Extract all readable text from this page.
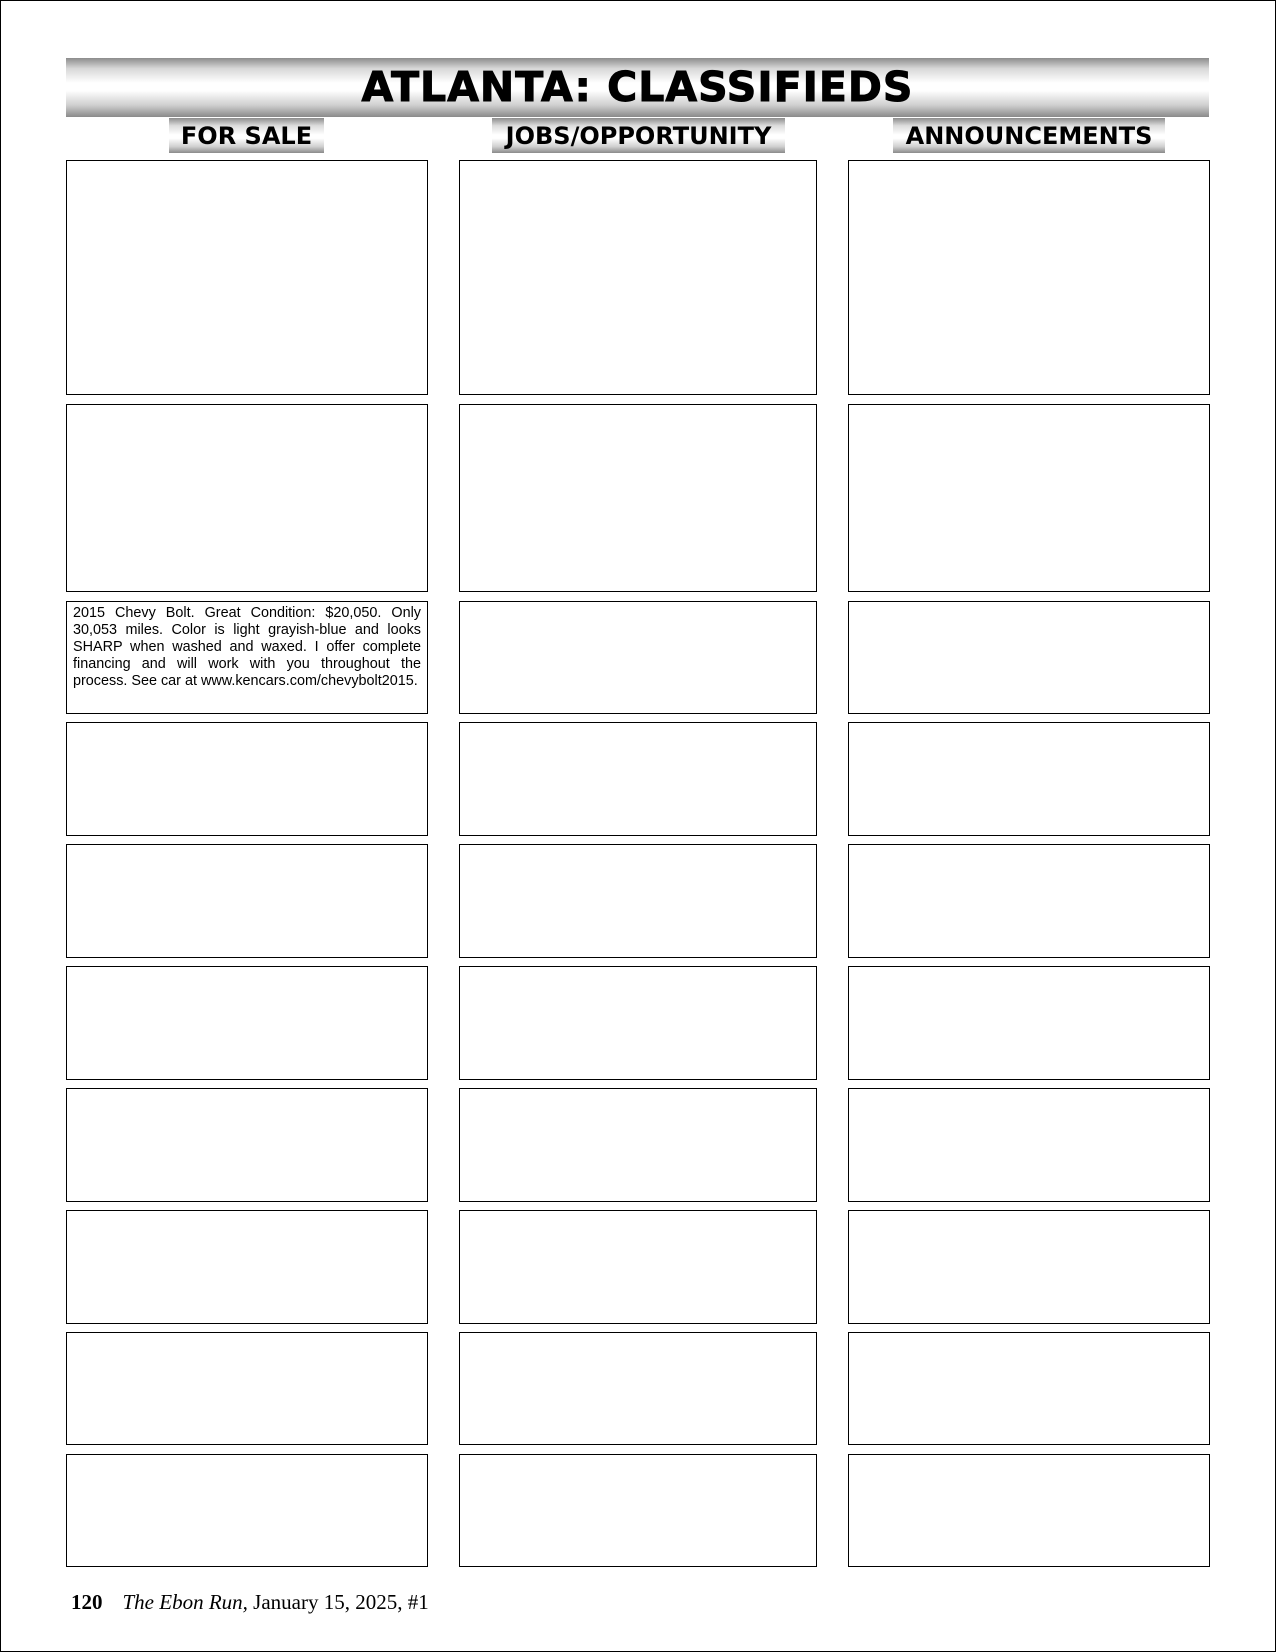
ATLANTA: CLASSIFIEDS
FOR SALE	JOBS/OPPORTUNITY	ANNOUNCEMENTS
2015 Chevy Bolt. Great Condition: $20,050. Only 30,053 miles. Color is light grayish-blue and looks SHARP when washed and waxed. I offer complete financing and will work with you throughout the process. See car at www.kencars.com/chevybolt2015.
120 The Ebon Run, January 15, 2025, #1
